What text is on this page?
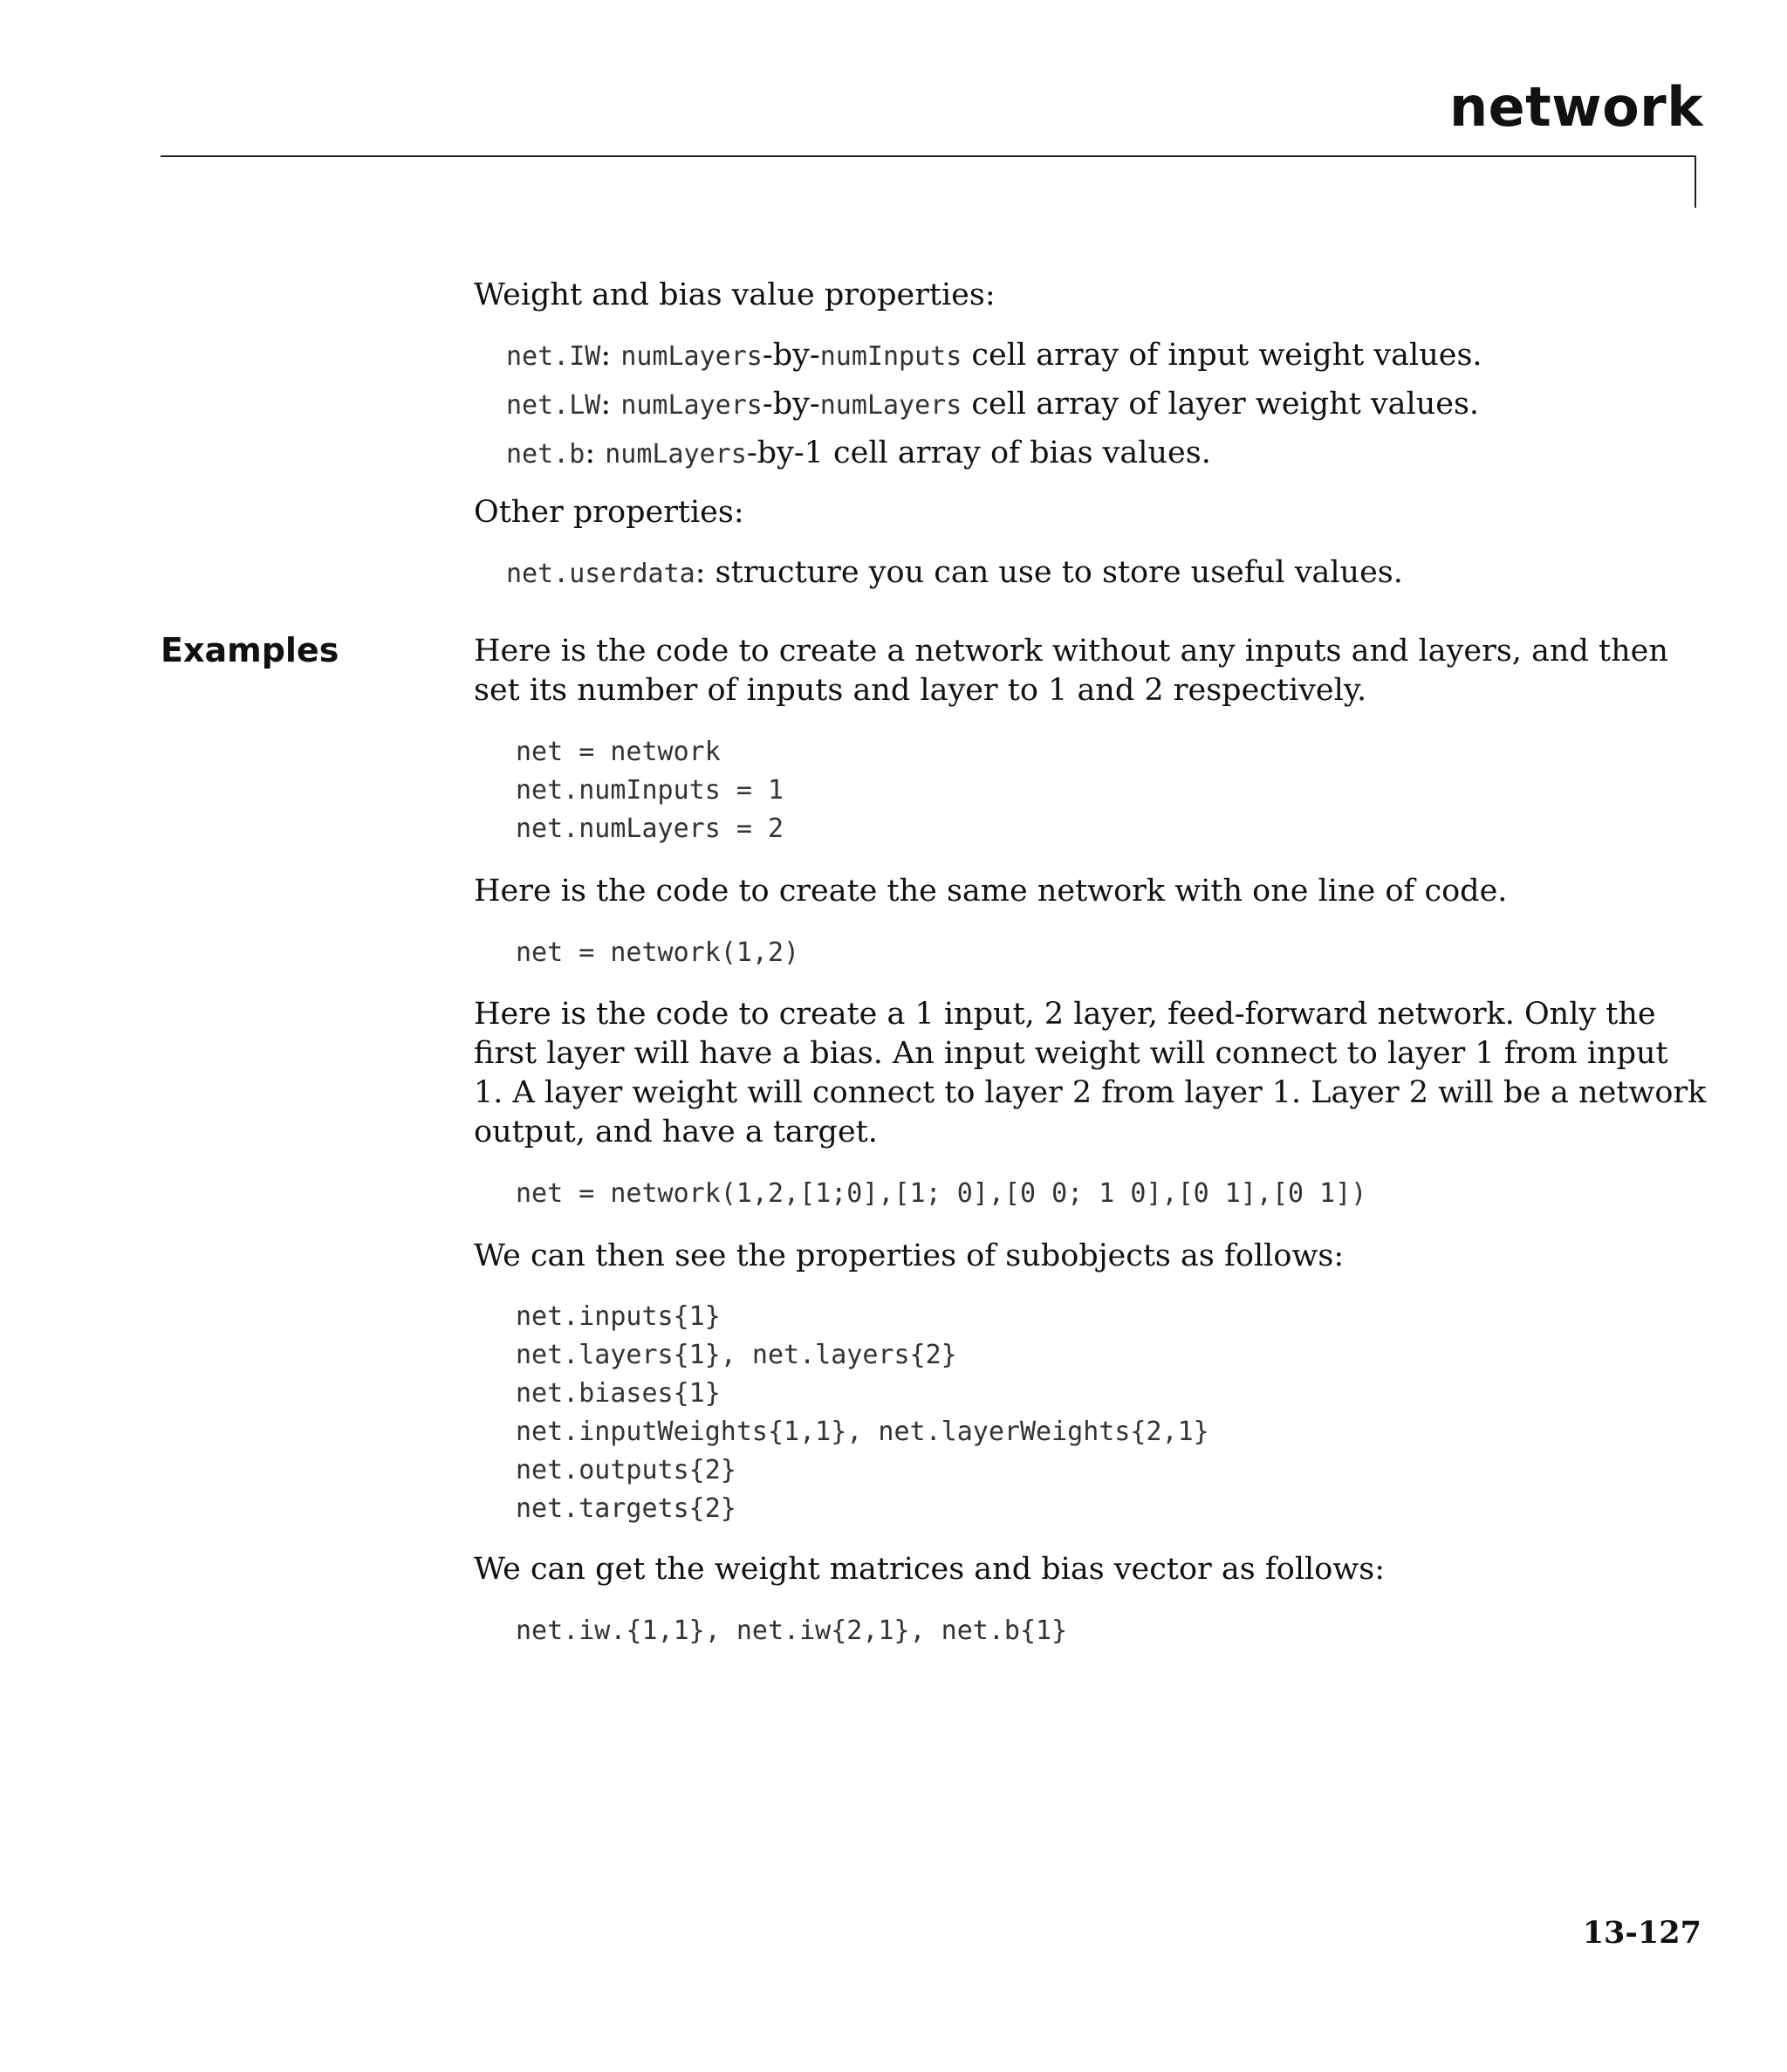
network
Examples

Weight and bias value properties:

net.IW: numLayers-by-numInputs cell array of input weight values.

net.LW: numLayers-by-numLayers cell array of layer weight values.

net.b: numLayers-by-1 cell array of bias values.

Other properties:

net.userdata: structure you can use to store useful values.

Here is the code to create a network without any inputs and layers, and then

set its number of inputs and layer to 1 and 2 respectively.

net = network
net.numInputs = 1
net.numLayers = 2

Here is the code to create the same network with one line of code.

net = network(1,2)

Here is the code to create a 1 input, 2 layer, feed-forward network. Only the

first layer will have a bias. An input weight will connect to layer 1 from input

1. A layer weight will connect to layer 2 from layer 1. Layer 2 will be a network

output, and have a target.

net = network(1,2,[1;0],[1; 0],[0 0; 1 0],[0 1],[0 1])

We can then see the properties of subobjects as follows:

net.inputs{1}
net.layers{1}, net.layers{2}
net.biases{1}
net.inputWeights{1,1}, net.layerWeights{2,1}
net.outputs{2}
net.targets{2}

We can get the weight matrices and bias vector as follows:

net.iw.{1,1}, net.iw{2,1}, net.b{1}
13-127
